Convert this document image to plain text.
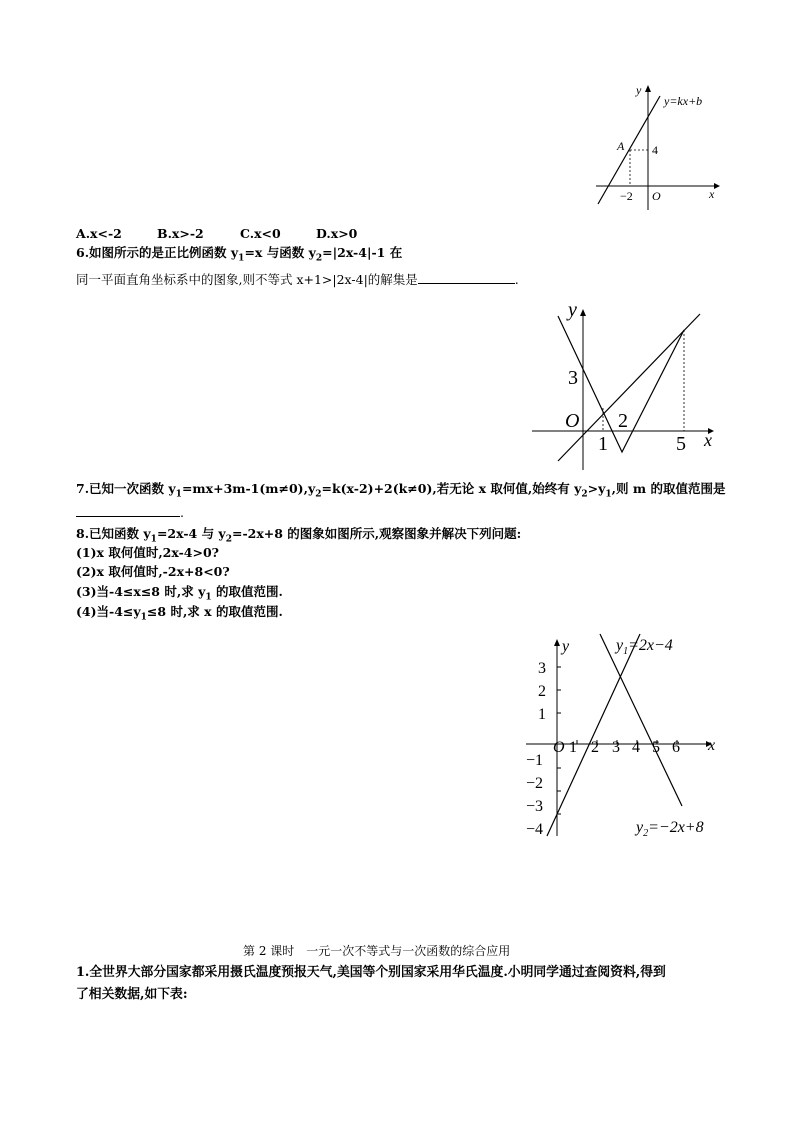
y
x
y=kx+b
A 4
−2 O
A.x<-2	B.x>-2	C.x<0	D.x>0
6.如图所示的是正比例函数 $y_1=x$ 与函数 $y_2=|2x-4|-1$ 在
同一平面直角坐标系中的图象,则不等式 x+1>|2x-4|的解集是	.
y
x
O
3
1
2
5
7.已知一次函数 $y_1=mx+3m-1(m\ne 0),y_2=k(x-2)+2(k\ne 0)$,若无论 x 取何值,始终有 $y_2>y_1$,则 m 的取值范围是
.
8.已知函数 $y_1=2x-4$ 与 $y_2=-2x+8$ 的图象如图所示,观察图象并解决下列问题:
(1)x 取何值时,2x-4>0?
(2)x 取何值时,-2x+8<0?
(3)当-4≤x≤8 时,求 $y_1$ 的取值范围.
(4)当$-4\le y_1\le 8$ 时,求 x 的取值范围.
y
x
O
3
2
1
−1
−2
−3
−4
1 2 3 4 5 6
$y_1=2x-4$
$y_2=-2x+8$
第 2 课时　一元一次不等式与一次函数的综合应用
1.全世界大部分国家都采用摄氏温度预报天气,美国等个别国家采用华氏温度.小明同学通过查阅资料,得到
了相关数据,如下表:
